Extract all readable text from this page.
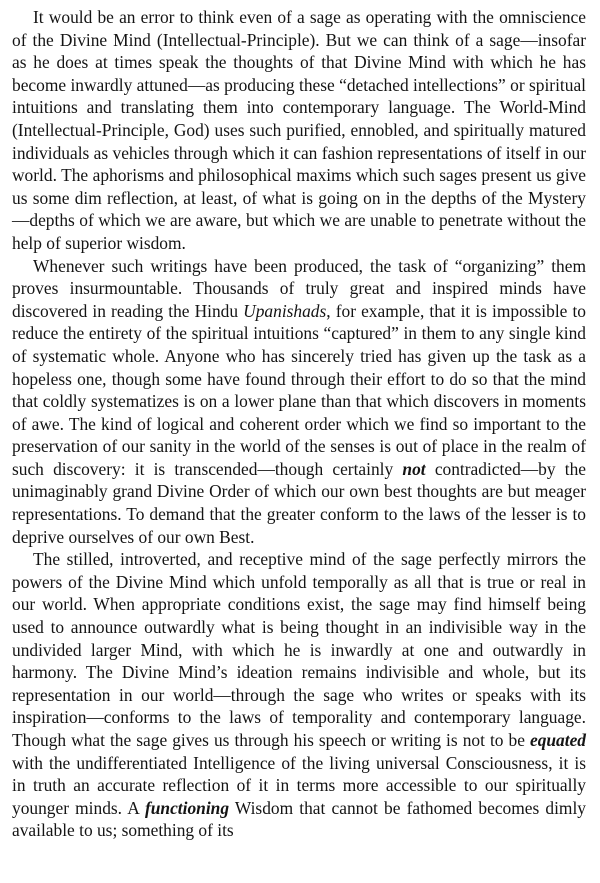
It would be an error to think even of a sage as operating with the omniscience of the Divine Mind (Intellectual-Principle). But we can think of a sage—insofar as he does at times speak the thoughts of that Divine Mind with which he has become inwardly attuned—as producing these “detached intellections” or spiritual intuitions and translating them into contemporary language. The World-Mind (Intellectual-Principle, God) uses such purified, ennobled, and spiritually matured individuals as vehicles through which it can fashion representations of itself in our world. The aphorisms and philosophical maxims which such sages present us give us some dim reflection, at least, of what is going on in the depths of the Mystery—depths of which we are aware, but which we are unable to penetrate without the help of superior wisdom.

Whenever such writings have been produced, the task of “organizing” them proves insurmountable. Thousands of truly great and inspired minds have discovered in reading the Hindu Upanishads, for example, that it is impossible to reduce the entirety of the spiritual intuitions “captured” in them to any single kind of systematic whole. Anyone who has sincerely tried has given up the task as a hopeless one, though some have found through their effort to do so that the mind that coldly systematizes is on a lower plane than that which discovers in moments of awe. The kind of logical and coherent order which we find so important to the preservation of our sanity in the world of the senses is out of place in the realm of such discovery: it is transcended—though certainly not contradicted—by the unimaginably grand Divine Order of which our own best thoughts are but meager representations. To demand that the greater conform to the laws of the lesser is to deprive ourselves of our own Best.

The stilled, introverted, and receptive mind of the sage perfectly mirrors the powers of the Divine Mind which unfold temporally as all that is true or real in our world. When appropriate conditions exist, the sage may find himself being used to announce outwardly what is being thought in an indivisible way in the undivided larger Mind, with which he is inwardly at one and outwardly in harmony. The Divine Mind’s ideation remains indivisible and whole, but its representation in our world—through the sage who writes or speaks with its inspiration—conforms to the laws of temporality and contemporary language. Though what the sage gives us through his speech or writing is not to be equated with the undifferentiated Intelligence of the living universal Consciousness, it is in truth an accurate reflection of it in terms more accessible to our spiritually younger minds. A functioning Wisdom that cannot be fathomed becomes dimly available to us; something of its
